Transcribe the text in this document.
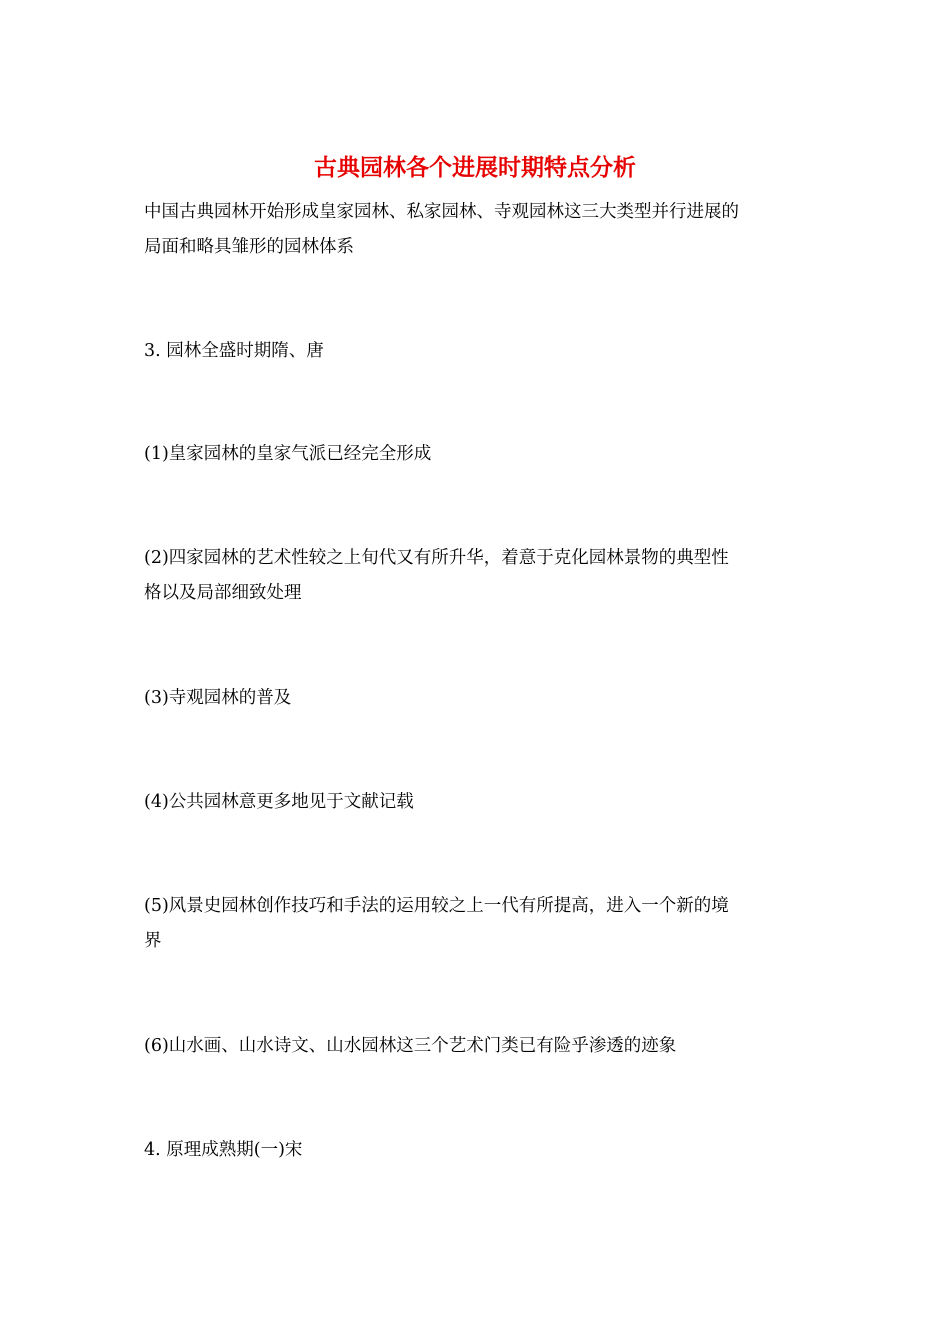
古典园林各个进展时期特点分析
中国古典园林开始形成皇家园林、私家园林、寺观园林这三大类型并行进展的
局面和略具雏形的园林体系
3. 园林全盛时期隋、唐
(1)皇家园林的皇家气派已经完全形成
(2)四家园林的艺术性较之上旬代又有所升华，着意于克化园林景物的典型性
格以及局部细致处理
(3)寺观园林的普及
(4)公共园林意更多地见于文献记载
(5)风景史园林创作技巧和手法的运用较之上一代有所提高，进入一个新的境
界
(6)山水画、山水诗文、山水园林这三个艺术门类已有险乎渗透的迹象
4. 原理成熟期(一)宋
